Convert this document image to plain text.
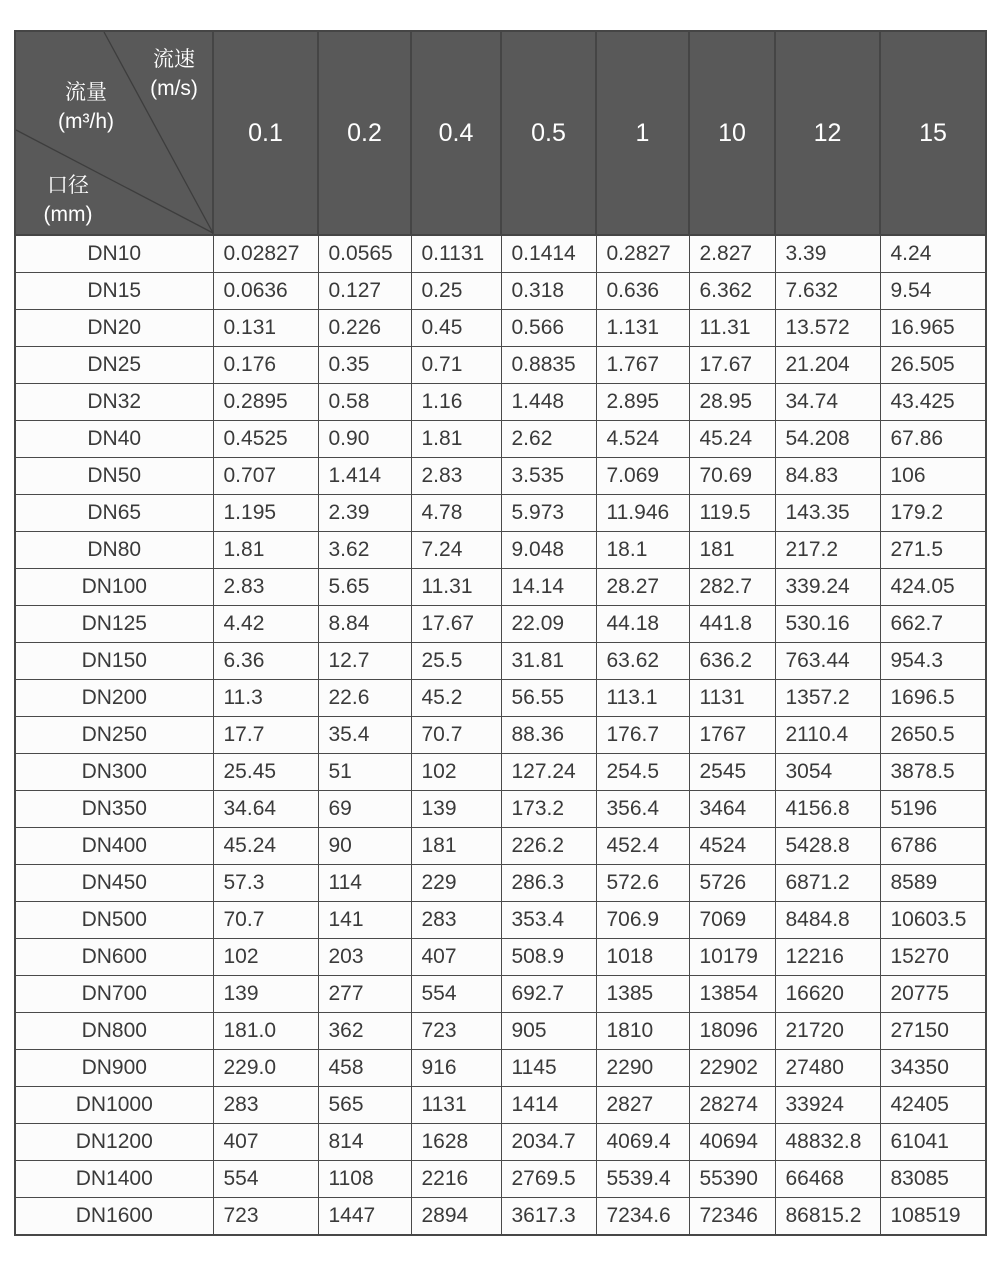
流速
(m/s)
流量
(m³/h)
口径
(mm)
	0.1	0.2	0.4	0.5	1	10	12	15
DN10	0.02827	0.0565	0.1131	0.1414	0.2827	2.827	3.39	4.24
DN15	0.0636	0.127	0.25	0.318	0.636	6.362	7.632	9.54
DN20	0.131	0.226	0.45	0.566	1.131	11.31	13.572	16.965
DN25	0.176	0.35	0.71	0.8835	1.767	17.67	21.204	26.505
DN32	0.2895	0.58	1.16	1.448	2.895	28.95	34.74	43.425
DN40	0.4525	0.90	1.81	2.62	4.524	45.24	54.208	67.86
DN50	0.707	1.414	2.83	3.535	7.069	70.69	84.83	106
DN65	1.195	2.39	4.78	5.973	11.946	119.5	143.35	179.2
DN80	1.81	3.62	7.24	9.048	18.1	181	217.2	271.5
DN100	2.83	5.65	11.31	14.14	28.27	282.7	339.24	424.05
DN125	4.42	8.84	17.67	22.09	44.18	441.8	530.16	662.7
DN150	6.36	12.7	25.5	31.81	63.62	636.2	763.44	954.3
DN200	11.3	22.6	45.2	56.55	113.1	1131	1357.2	1696.5
DN250	17.7	35.4	70.7	88.36	176.7	1767	2110.4	2650.5
DN300	25.45	51	102	127.24	254.5	2545	3054	3878.5
DN350	34.64	69	139	173.2	356.4	3464	4156.8	5196
DN400	45.24	90	181	226.2	452.4	4524	5428.8	6786
DN450	57.3	114	229	286.3	572.6	5726	6871.2	8589
DN500	70.7	141	283	353.4	706.9	7069	8484.8	10603.5
DN600	102	203	407	508.9	1018	10179	12216	15270
DN700	139	277	554	692.7	1385	13854	16620	20775
DN800	181.0	362	723	905	1810	18096	21720	27150
DN900	229.0	458	916	1145	2290	22902	27480	34350
DN1000	283	565	1131	1414	2827	28274	33924	42405
DN1200	407	814	1628	2034.7	4069.4	40694	48832.8	61041
DN1400	554	1108	2216	2769.5	5539.4	55390	66468	83085
DN1600	723	1447	2894	3617.3	7234.6	72346	86815.2	108519
